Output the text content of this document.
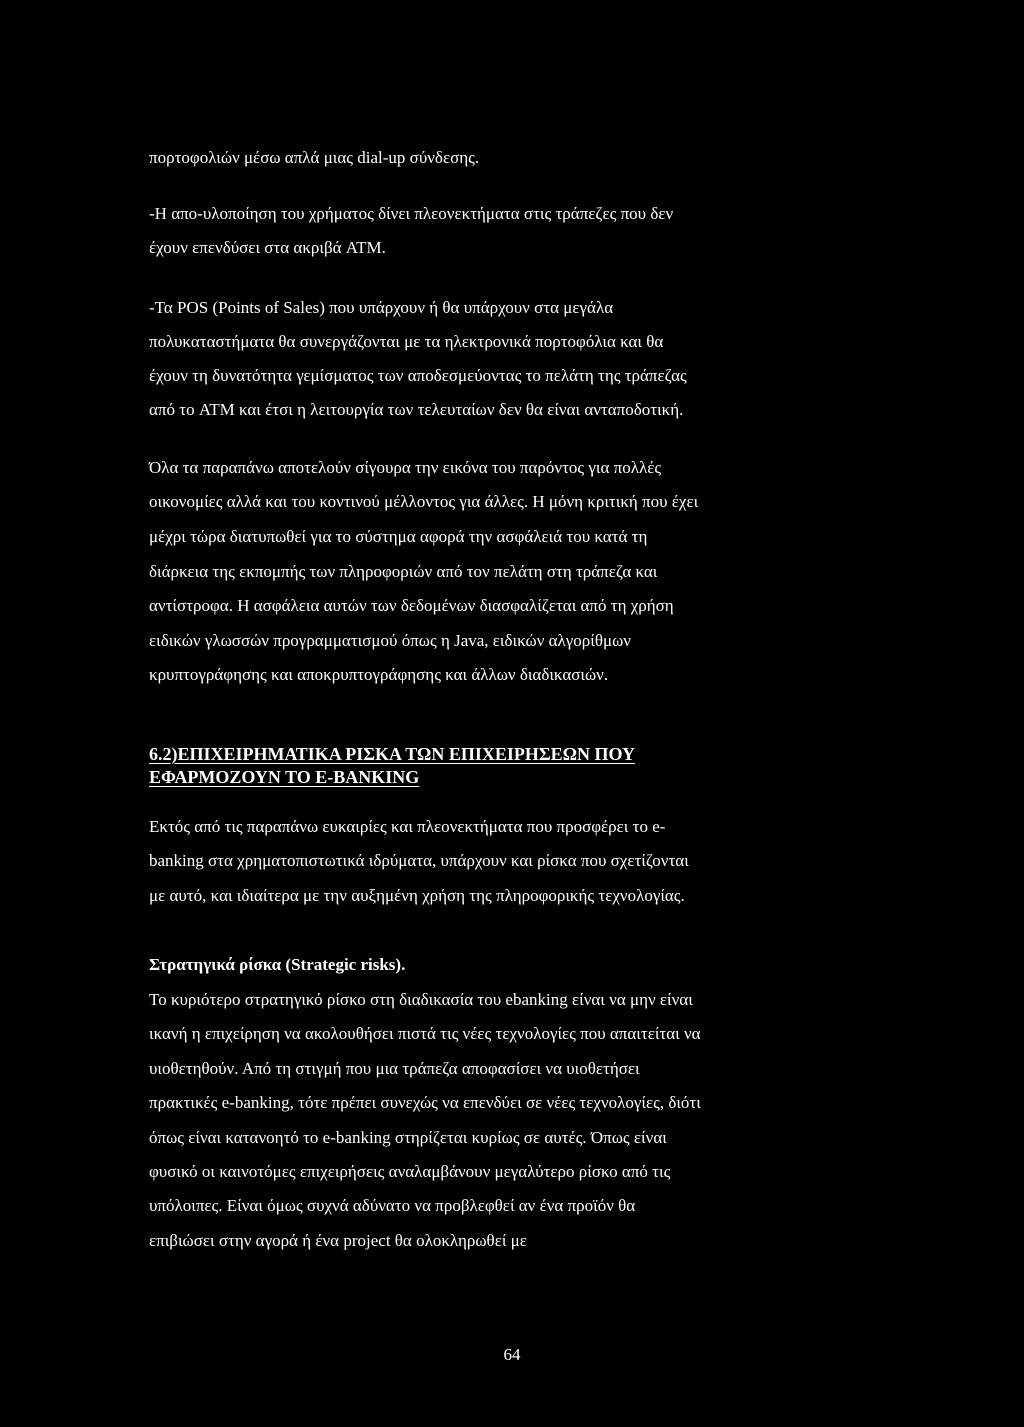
πορτοφολιών μέσω απλά μιας dial-up σύνδεσης.
-Η απο-υλοποίηση του χρήματος δίνει πλεονεκτήματα στις τράπεζες που δεν
έχουν επενδύσει στα ακριβά ATM.
-Τα POS (Points of Sales) που υπάρχουν ή θα υπάρχουν στα μεγάλα
πολυκαταστήματα θα συνεργάζονται με τα ηλεκτρονικά πορτοφόλια και θα
έχουν τη δυνατότητα γεμίσματος των αποδεσμεύοντας το πελάτη της τράπεζας
από το ATM και έτσι η λειτουργία των τελευταίων δεν θα είναι ανταποδοτική.
Όλα τα παραπάνω αποτελούν σίγουρα την εικόνα του παρόντος για πολλές
οικονομίες αλλά και του κοντινού μέλλοντος για άλλες. Η μόνη κριτική που έχει
μέχρι τώρα διατυπωθεί για το σύστημα αφορά την ασφάλειά του κατά τη
διάρκεια της εκπομπής των πληροφοριών από τον πελάτη στη τράπεζα και
αντίστροφα. Η ασφάλεια αυτών των δεδομένων διασφαλίζεται από τη χρήση
ειδικών γλωσσών προγραμματισμού όπως η Java, ειδικών αλγορίθμων
κρυπτογράφησης και αποκρυπτογράφησης και άλλων διαδικασιών.
6.2)ΕΠΙΧΕΙΡΗΜΑΤΙΚΑ ΡΙΣΚΑ ΤΩΝ ΕΠΙΧΕΙΡΗΣΕΩΝ ΠΟΥ
ΕΦΑΡΜΟΖΟΥΝ ΤΟ E-BANKING
Εκτός από τις παραπάνω ευκαιρίες και πλεονεκτήματα που προσφέρει το e-
banking στα χρηματοπιστωτικά ιδρύματα, υπάρχουν και ρίσκα που σχετίζονται
με αυτό, και ιδιαίτερα με την αυξημένη χρήση της πληροφορικής τεχνολογίας.
Στρατηγικά ρίσκα (Strategic risks).
Το κυριότερο στρατηγικό ρίσκο στη διαδικασία του ebanking είναι να μην είναι
ικανή η επιχείρηση να ακολουθήσει πιστά τις νέες τεχνολογίες που απαιτείται να
υιοθετηθούν. Από τη στιγμή που μια τράπεζα αποφασίσει να υιοθετήσει
πρακτικές e-banking, τότε πρέπει συνεχώς να επενδύει σε νέες τεχνολογίες, διότι
όπως είναι κατανοητό το e-banking στηρίζεται κυρίως σε αυτές. Όπως είναι
φυσικό οι καινοτόμες επιχειρήσεις αναλαμβάνουν μεγαλύτερο ρίσκο από τις
υπόλοιπες. Είναι όμως συχνά αδύνατο να προβλεφθεί αν ένα προϊόν θα
επιβιώσει στην αγορά ή ένα project θα ολοκληρωθεί με
64
